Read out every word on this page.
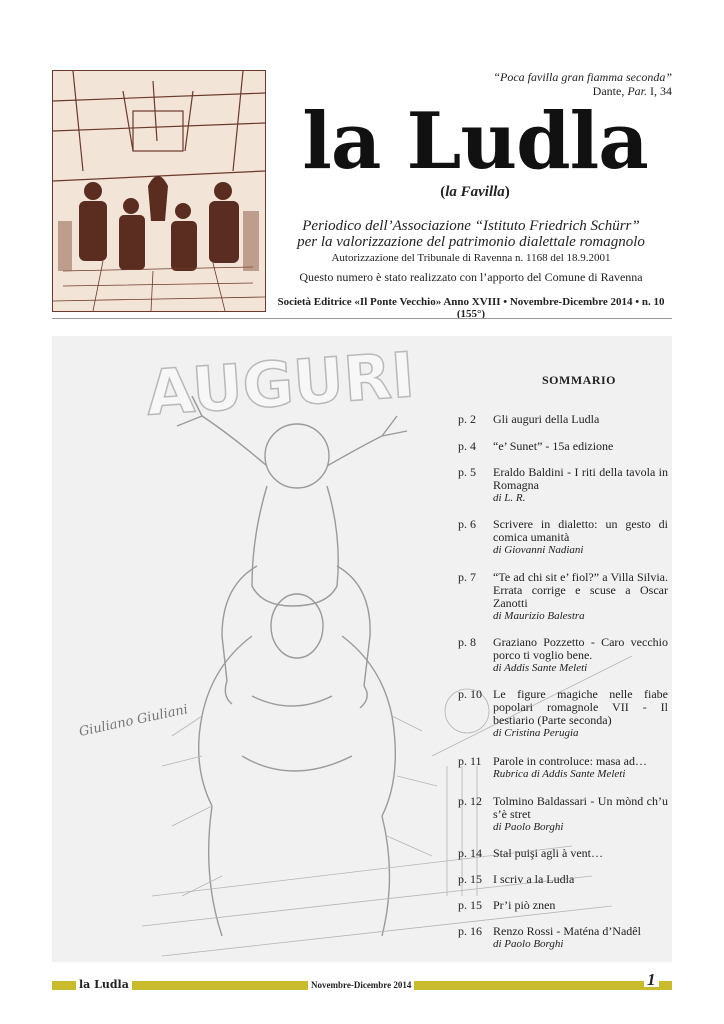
“Poca favilla gran fiamma seconda”
Dante, Par. I, 34
la Ludla
(la Favilla)
Periodico dell’Associazione “Istituto Friedrich Schürr”
per la valorizzazione del patrimonio dialettale romagnolo
Autorizzazione del Tribunale di Ravenna n. 1168 del 18.9.2001
Questo numero è stato realizzato con l’apporto del Comune di Ravenna
Società Editrice «Il Ponte Vecchio» Anno XVIII • Novembre-Dicembre 2014 • n. 10 (155°)
AUGURI
Giuliano Giuliani
SOMMARIO
p. 2	Gli auguri della Ludla
p. 4	“e’ Sunet” - 15a edizione
p. 5	Eraldo Baldini - I riti della tavola in Romagna
di L. R.
p. 6	Scrivere in dialetto: un gesto di comica umanità
di Giovanni Nadiani
p. 7	“Te ad chi sit e’ fiol?” a Villa Silvia. Errata corrige e scuse a Oscar Zanotti
di Maurizio Balestra
p. 8	Graziano Pozzetto - Caro vecchio porco ti voglio bene.
di Addis Sante Meleti
p. 10 Le figure magiche nelle fiabe popolari romagnole VII - Il bestiario (Parte seconda)
di Cristina Perugia
p. 11 Parole in controluce: masa ad…
Rubrica di Addis Sante Meleti
p. 12 Tolmino Baldassari - Un mònd ch’u s’è stret
di Paolo Borghi
p. 14 Stal puişi agli à vent…
p. 15 I scriv a la Ludla
p. 15 Pr’i piò znen
p. 16 Renzo Rossi - Maténa d’Nadêl
di Paolo Borghi
la Ludla	Novembre-Dicembre 2014	1
